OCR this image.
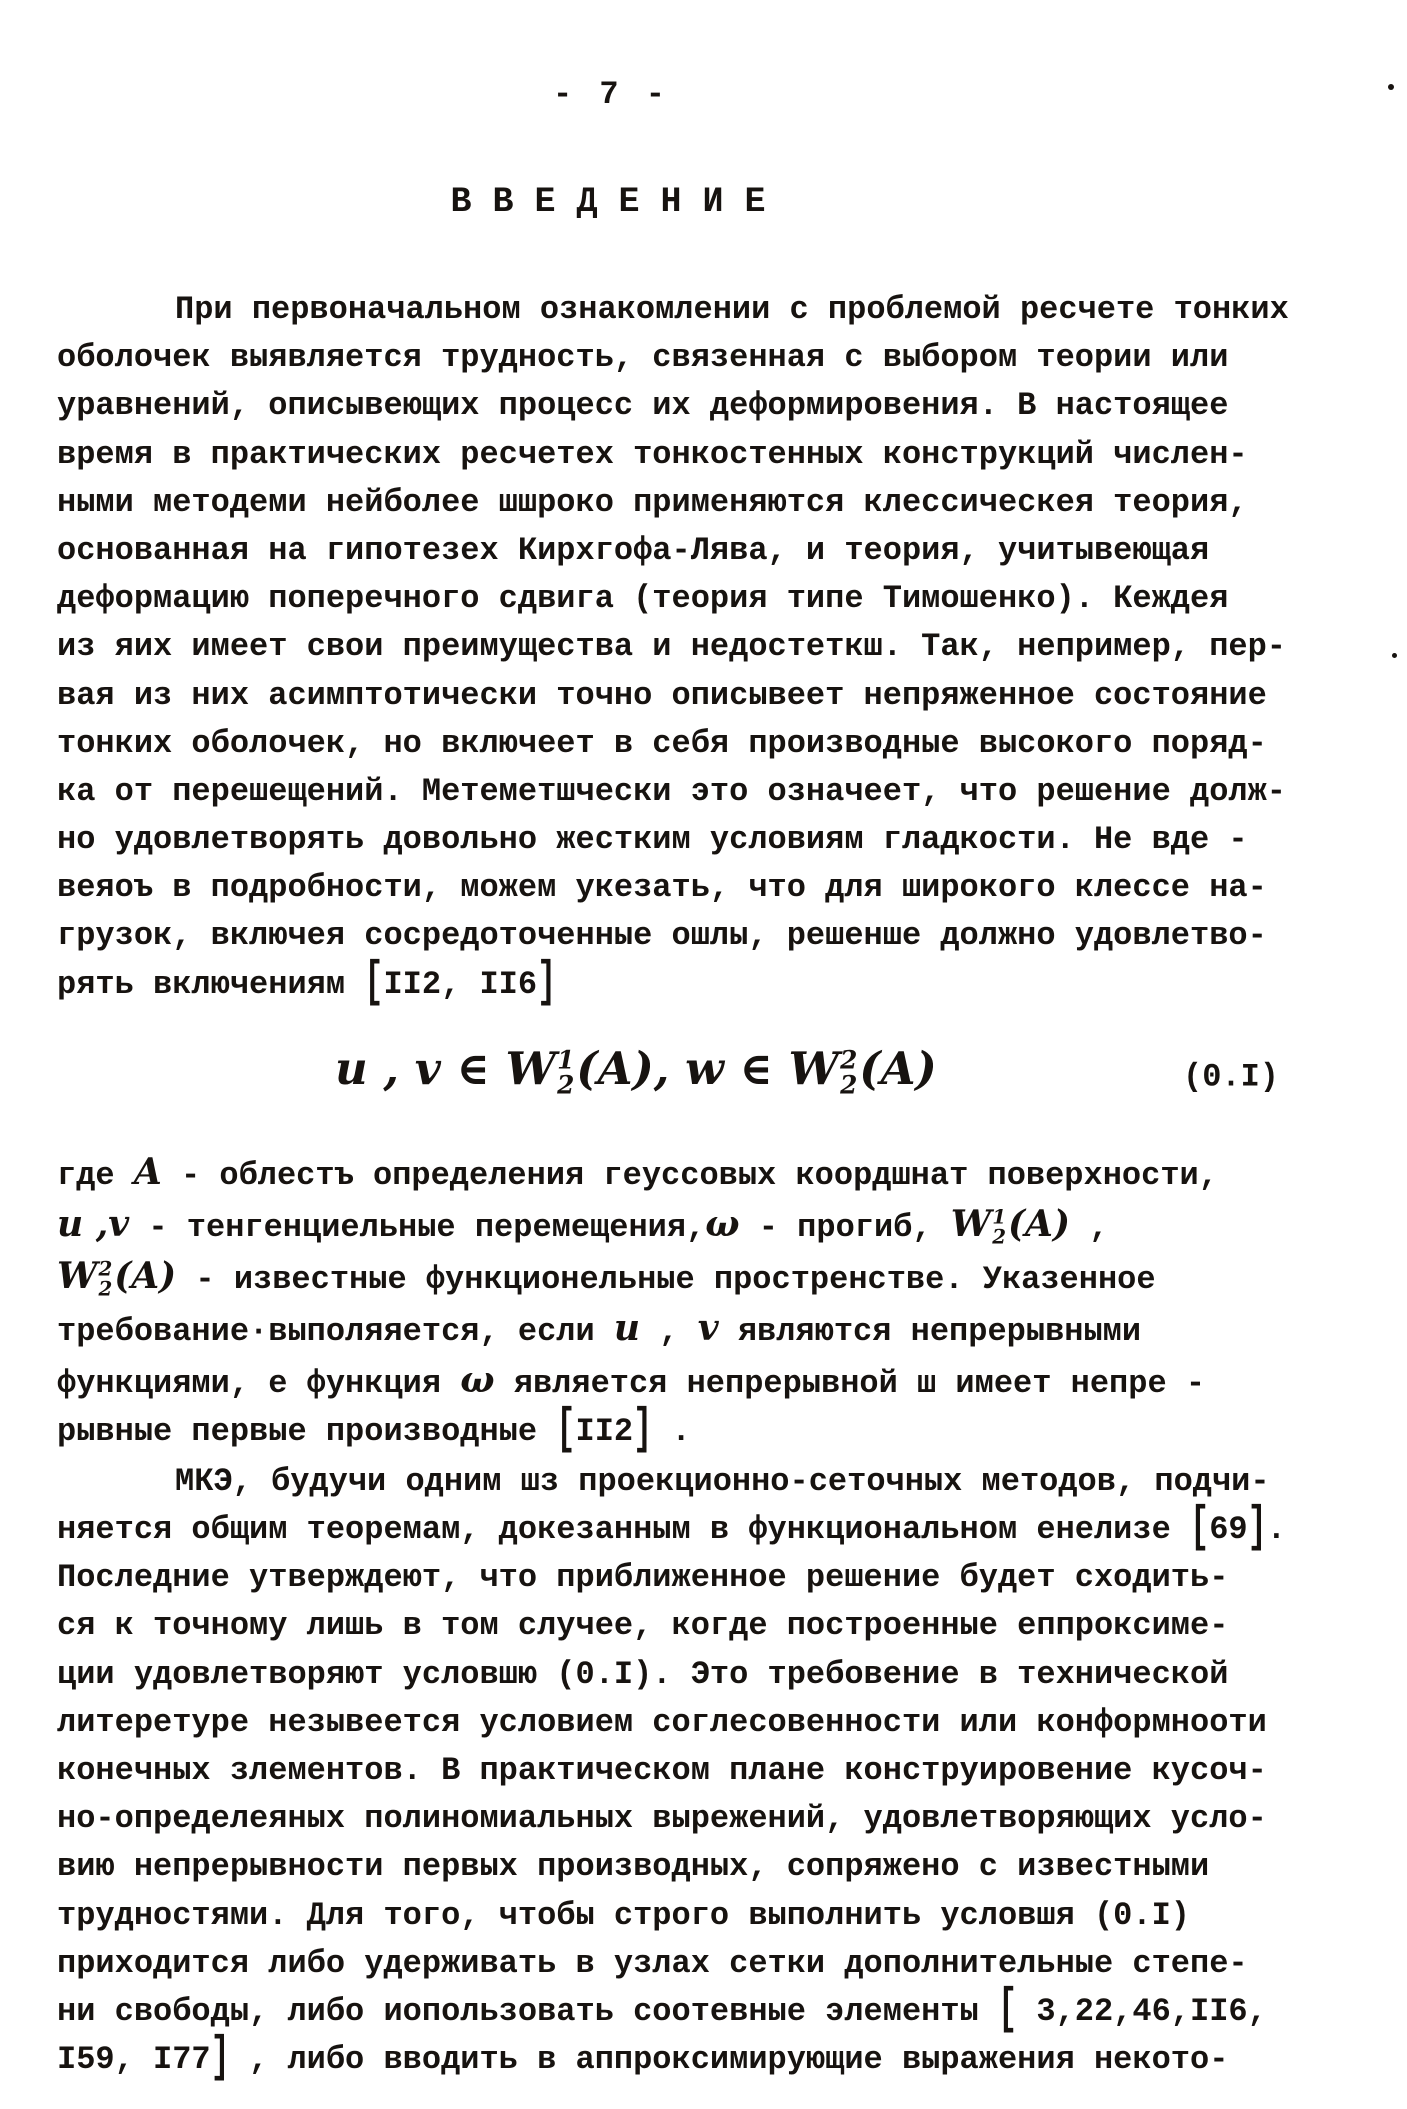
- 7 -
В В Е Д Е Н И Е
При первоначальном ознакомлении с проблемой ресчете тонких
оболочек выявляется трудность, связенная с выбором теории или
уравнений, описывеющих процесс их деформировения. В настоящее
время в практических ресчетех тонкостенных конструкций числен-
ными методеми нейболее шшроко применяются клессическея теория,
основанная на гипотезех Кирхгофа-Лява, и теория, учитывеющая
деформацию поперечного сдвига (теория типе Тимошенко). Кеждея
из яих имеет свои преимущества и недостеткш. Так, непример, пер-
вая из них асимптотически точно описывеет непряженное состояние
тонких оболочек, но включеет в себя производные высокого поряд-
ка от перешещений. Метеметшчески это означеет, что решение долж-
но удовлетворять довольно жестким условиям гладкости. Не вде -
веяоъ в подробности, можем укезать, что для широкого клессе на-
грузок, включея сосредоточенные ошлы, решенше должно удовлетво-
рять включениям [II2, II6]
u , v ∈ W 1
2 (A), w ∈ W 2
2 (A)	(0.I)
где A - облестъ определения геуссовых коордшнат поверхности,
u ,v - тенгенциельные перемещения,ω - прогиб, W 1
2 (A) ,
W 2
2 (A) - известные функционельные простренстве. Указенное
требование·выполяяется, если u , v являются непрерывными
функциями, е функция ω является непрерывной ш имеет непре -
рывные первые производные [II2] .
МКЭ, будучи одним шз проекционно-сеточных методов, подчи-
няется общим теоремам, докезанным в функциональном енелизе [69].
Последние утверждеют, что приближенное решение будет сходить-
ся к точному лишь в том случее, когде построенные еппроксиме-
ции удовлетворяют условшю (0.I). Это требовение в технической
литеретуре незывеется условием соглесовенности или конформнооти
конечных злементов. В практическом плане конструировение кусоч-
но-определеяных полиномиальных вырежений, удовлетворяющих усло-
вию непрерывности первых производных, сопряжено с известными
трудностями. Для того, чтобы строго выполнить условшя (0.I)
приходится либо удерживать в узлах сетки дополнительные степе-
ни свободы, либо иопользовать соотевные элементы [ 3,22,46,II6,
I59, I77] , либо вводить в аппроксимирующие выражения некото-
